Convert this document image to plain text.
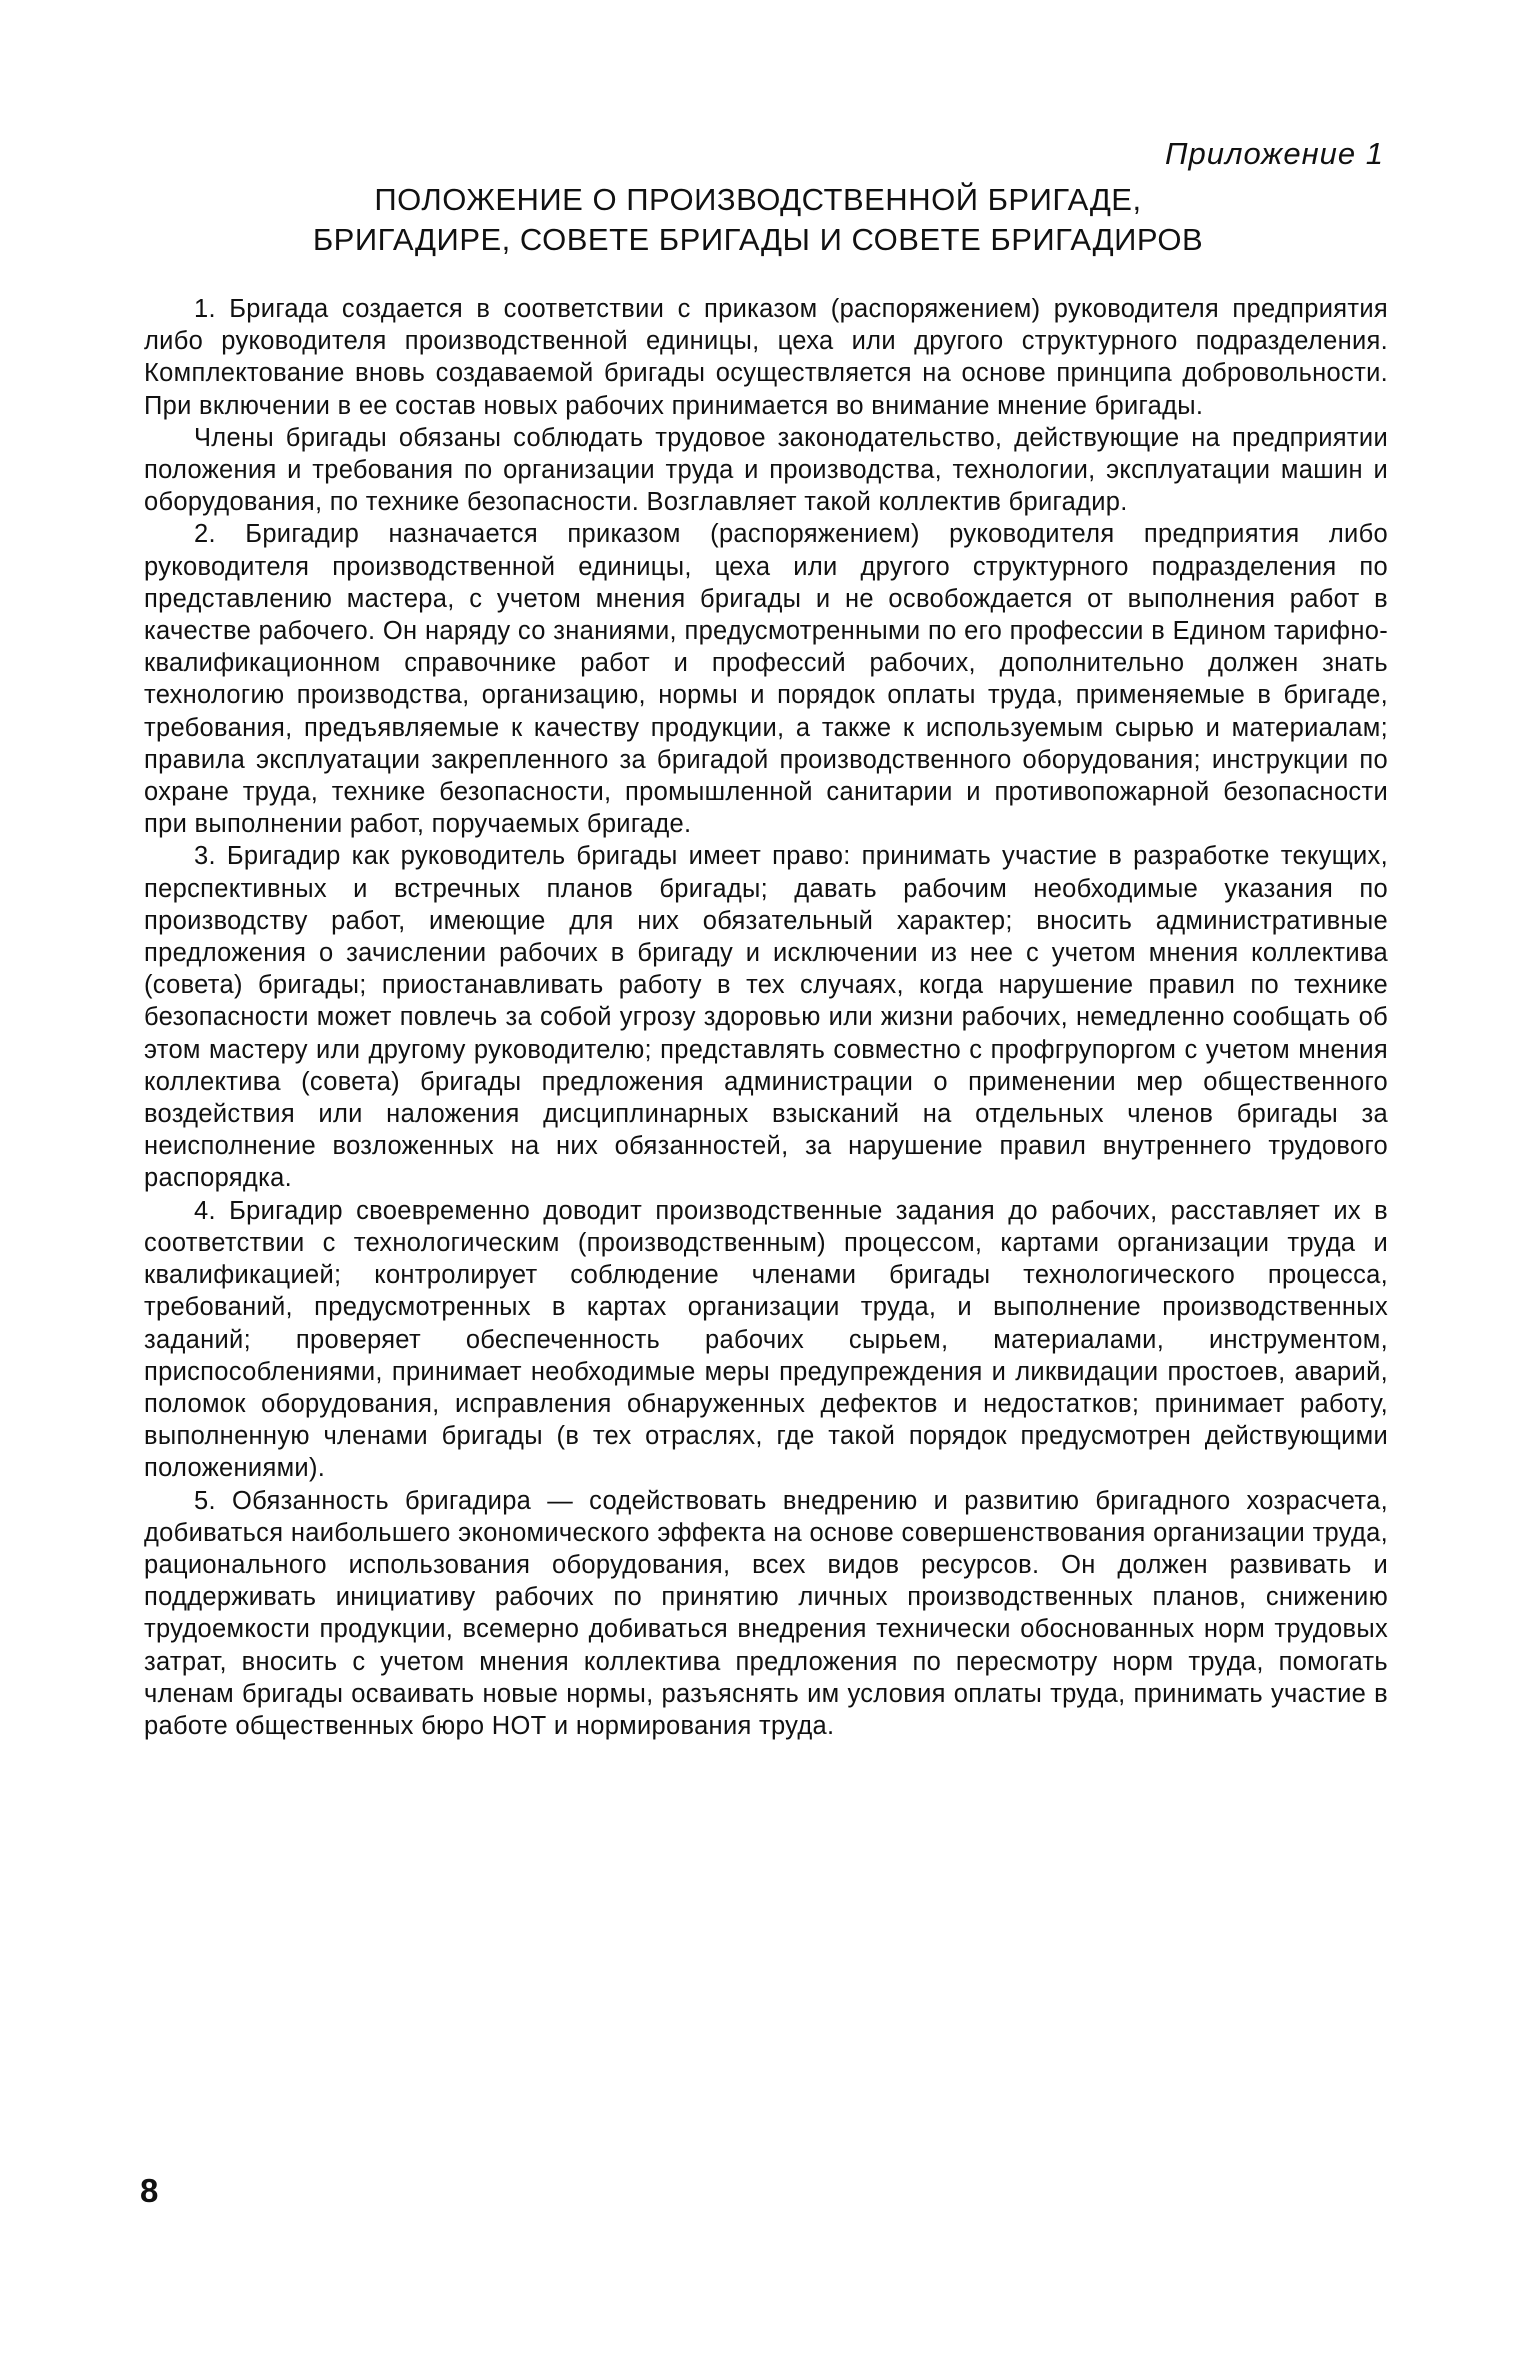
Приложение 1
ПОЛОЖЕНИЕ О ПРОИЗВОДСТВЕННОЙ БРИГАДЕ,
БРИГАДИРЕ, СОВЕТЕ БРИГАДЫ И СОВЕТЕ БРИГАДИРОВ

1. Бригада создается в соответствии с приказом (распоряжением) руководителя предприятия либо руководителя производственной единицы, цеха или другого структурного подразделения. Комплектование вновь создаваемой бригады осуществляется на основе принципа добровольности. При включении в ее состав новых рабочих принимается во внимание мнение бригады.

Члены бригады обязаны соблюдать трудовое законодательство, действующие на предприятии положения и требования по организации труда и производства, технологии, эксплуатации машин и оборудования, по технике безопасности. Возглавляет такой коллектив бригадир.

2. Бригадир назначается приказом (распоряжением) руководителя предприятия либо руководителя производственной единицы, цеха или другого структурного подразделения по представлению мастера, с учетом мнения бригады и не освобождается от выполнения работ в качестве рабочего. Он наряду со знаниями, предусмотренными по его профессии в Едином тарифно-квалификационном справочнике работ и профессий рабочих, дополнительно должен знать технологию производства, организацию, нормы и порядок оплаты труда, применяемые в бригаде, требования, предъявляемые к качеству продукции, а также к используемым сырью и материалам; правила эксплуатации закрепленного за бригадой производственного оборудования; инструкции по охране труда, технике безопасности, промышленной санитарии и противопожарной безопасности при выполнении работ, поручаемых бригаде.

3. Бригадир как руководитель бригады имеет право: принимать участие в разработке текущих, перспективных и встречных планов бригады; давать рабочим необходимые указания по производству работ, имеющие для них обязательный характер; вносить административные предложения о зачислении рабочих в бригаду и исключении из нее с учетом мнения коллектива (совета) бригады; приостанавливать работу в тех случаях, когда нарушение правил по технике безопасности может повлечь за собой угрозу здоровью или жизни рабочих, немедленно сообщать об этом мастеру или другому руководителю; представлять совместно с профгрупоргом с учетом мнения коллектива (совета) бригады предложения администрации о применении мер общественного воздействия или наложения дисциплинарных взысканий на отдельных членов бригады за неисполнение возложенных на них обязанностей, за нарушение правил внутреннего трудового распорядка.

4. Бригадир своевременно доводит производственные задания до рабочих, расставляет их в соответствии с технологическим (производственным) процессом, картами организации труда и квалификацией; контролирует соблюдение членами бригады технологического процесса, требований, предусмотренных в картах организации труда, и выполнение производственных заданий; проверяет обеспеченность рабочих сырьем, материалами, инструментом, приспособлениями, принимает необходимые меры предупреждения и ликвидации простоев, аварий, поломок оборудования, исправления обнаруженных дефектов и недостатков; принимает работу, выполненную членами бригады (в тех отраслях, где такой порядок предусмотрен действующими положениями).

5. Обязанность бригадира — содействовать внедрению и развитию бригадного хозрасчета, добиваться наибольшего экономического эффекта на основе совершенствования организации труда, рационального использования оборудования, всех видов ресурсов. Он должен развивать и поддерживать инициативу рабочих по принятию личных производственных планов, снижению трудоемкости продукции, всемерно добиваться внедрения технически обоснованных норм трудовых затрат, вносить с учетом мнения коллектива предложения по пересмотру норм труда, помогать членам бригады осваивать новые нормы, разъяснять им условия оплаты труда, принимать участие в работе общественных бюро НОТ и нормирования труда.

8
